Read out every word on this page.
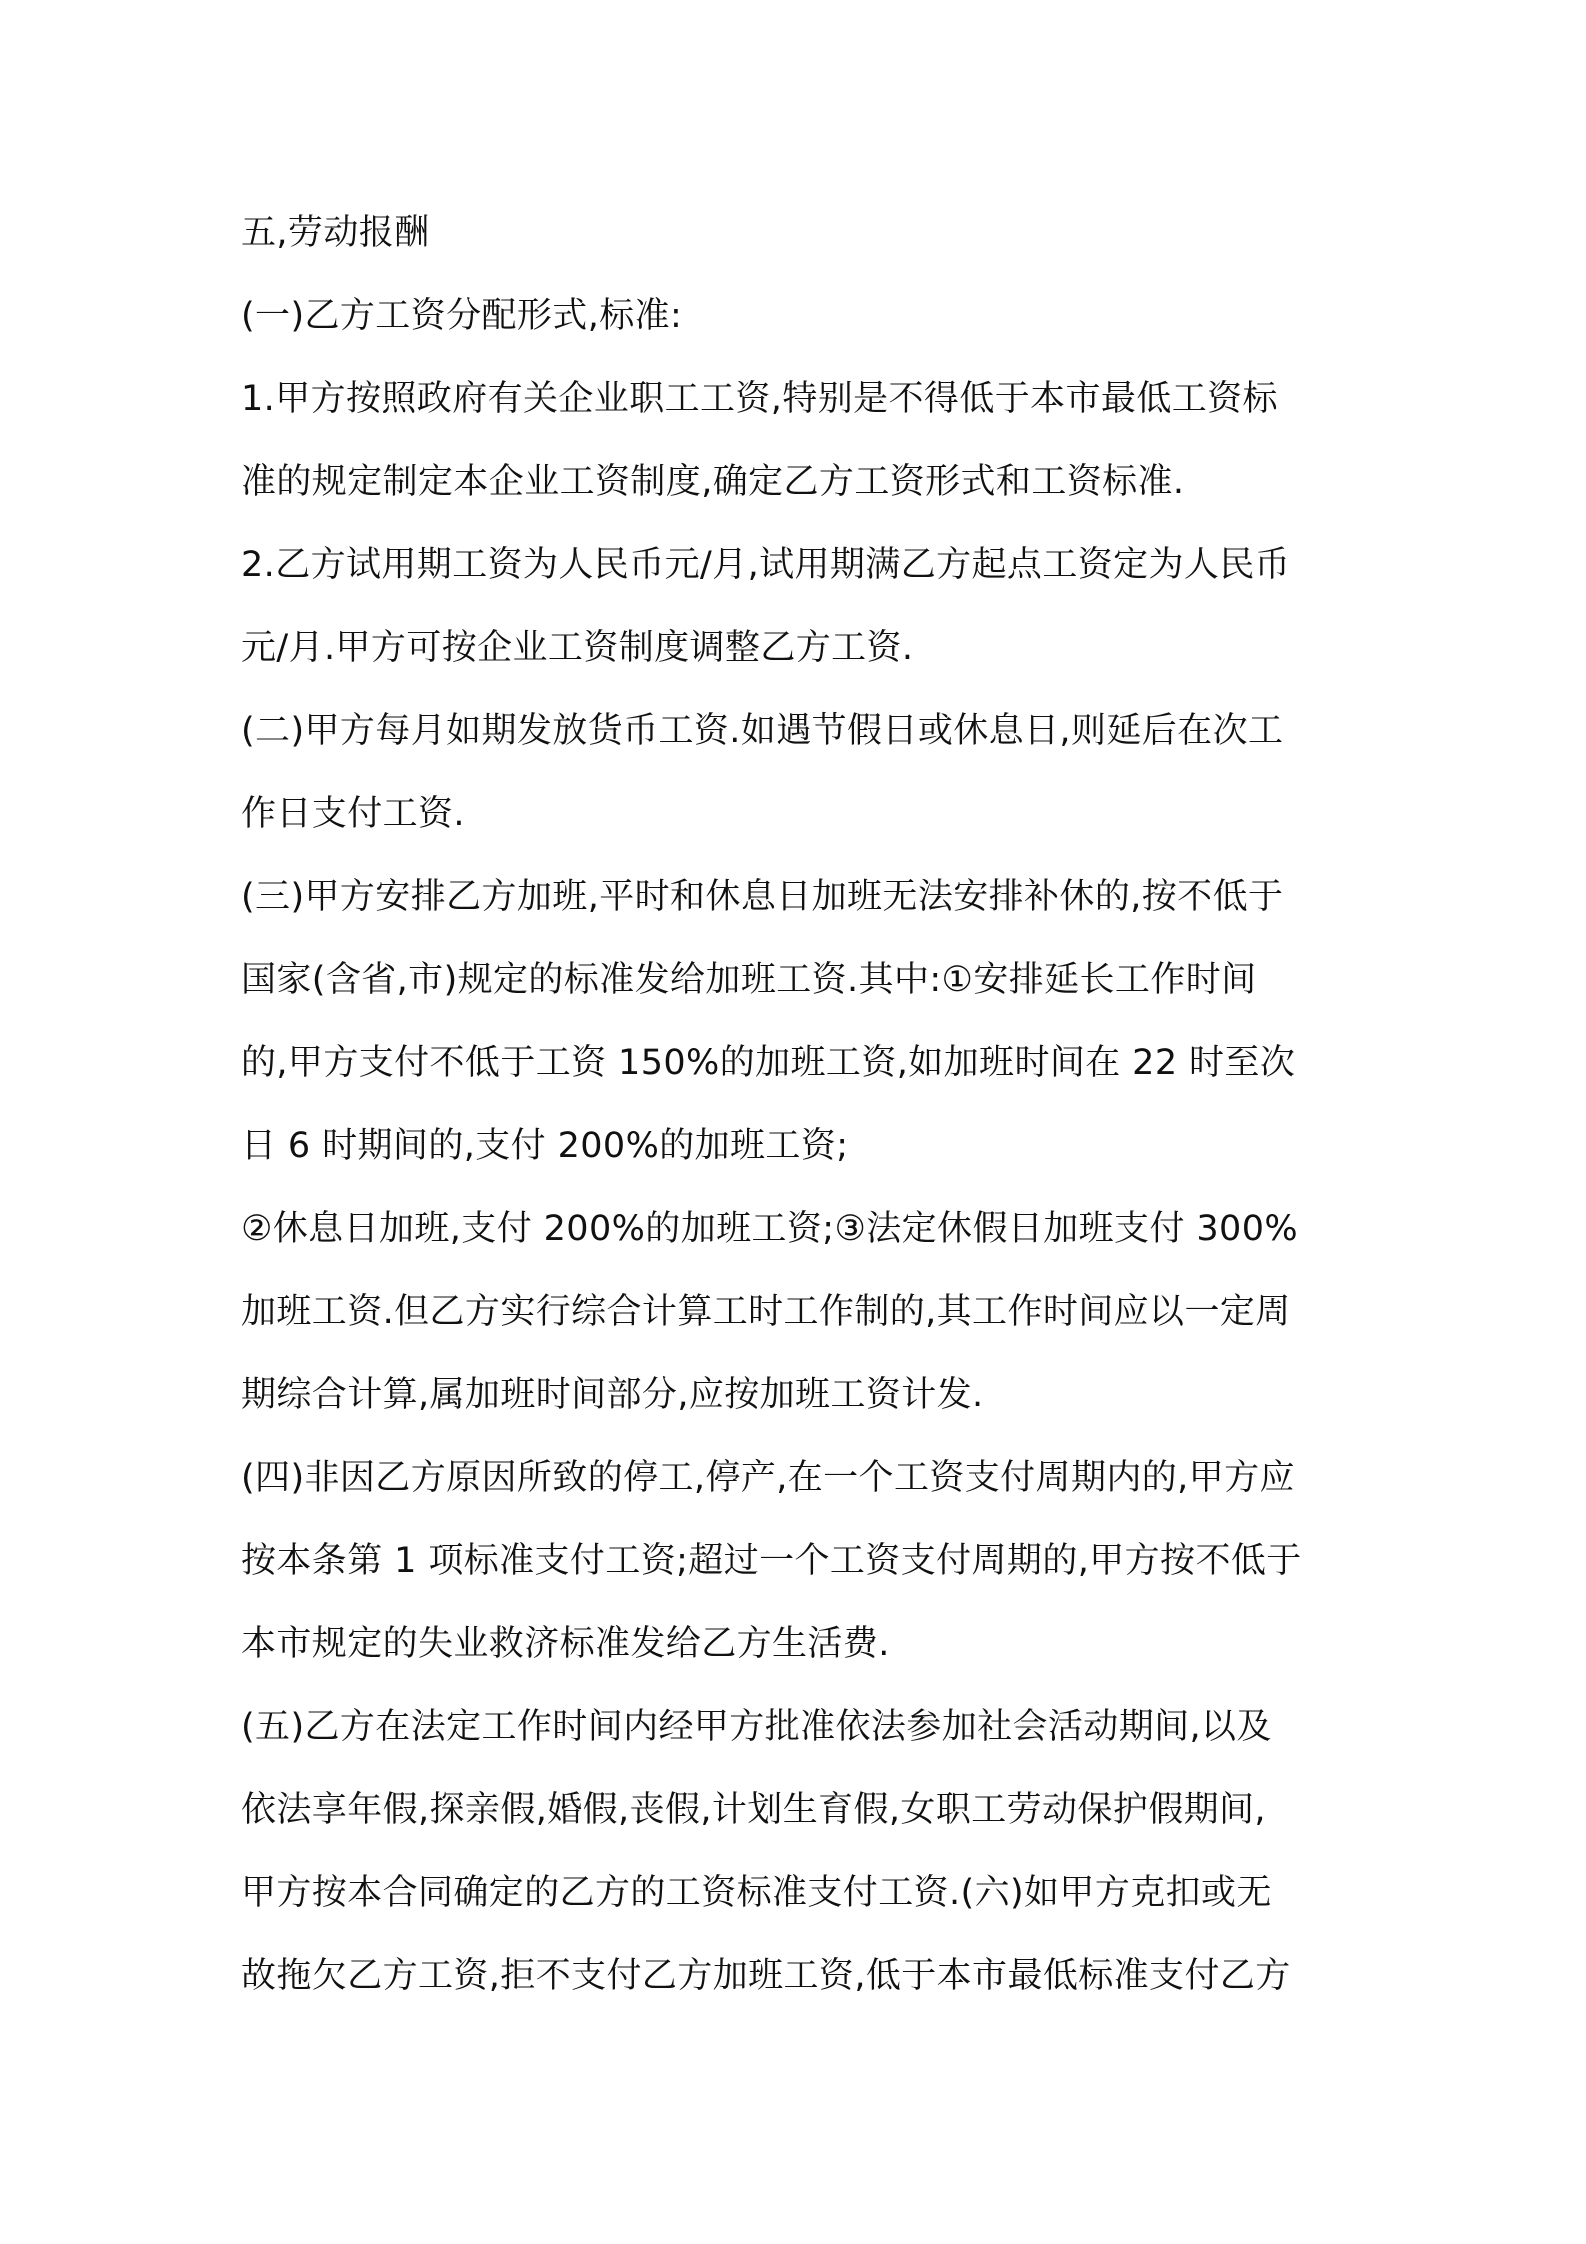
五,劳动报酬
(一)乙方工资分配形式,标准:
1.甲方按照政府有关企业职工工资,特别是不得低于本市最低工资标
准的规定制定本企业工资制度,确定乙方工资形式和工资标准.
2.乙方试用期工资为人民币元/月,试用期满乙方起点工资定为人民币
元/月.甲方可按企业工资制度调整乙方工资.
(二)甲方每月如期发放货币工资.如遇节假日或休息日,则延后在次工
作日支付工资.
(三)甲方安排乙方加班,平时和休息日加班无法安排补休的,按不低于
国家(含省,市)规定的标准发给加班工资.其中:①安排延长工作时间
的,甲方支付不低于工资 150%的加班工资,如加班时间在 22 时至次
日 6 时期间的,支付 200%的加班工资;
②休息日加班,支付 200%的加班工资;③法定休假日加班支付 300%
加班工资.但乙方实行综合计算工时工作制的,其工作时间应以一定周
期综合计算,属加班时间部分,应按加班工资计发.
(四)非因乙方原因所致的停工,停产,在一个工资支付周期内的,甲方应
按本条第 1 项标准支付工资;超过一个工资支付周期的,甲方按不低于
本市规定的失业救济标准发给乙方生活费.
(五)乙方在法定工作时间内经甲方批准依法参加社会活动期间,以及
依法享年假,探亲假,婚假,丧假,计划生育假,女职工劳动保护假期间,
甲方按本合同确定的乙方的工资标准支付工资.(六)如甲方克扣或无
故拖欠乙方工资,拒不支付乙方加班工资,低于本市最低标准支付乙方
